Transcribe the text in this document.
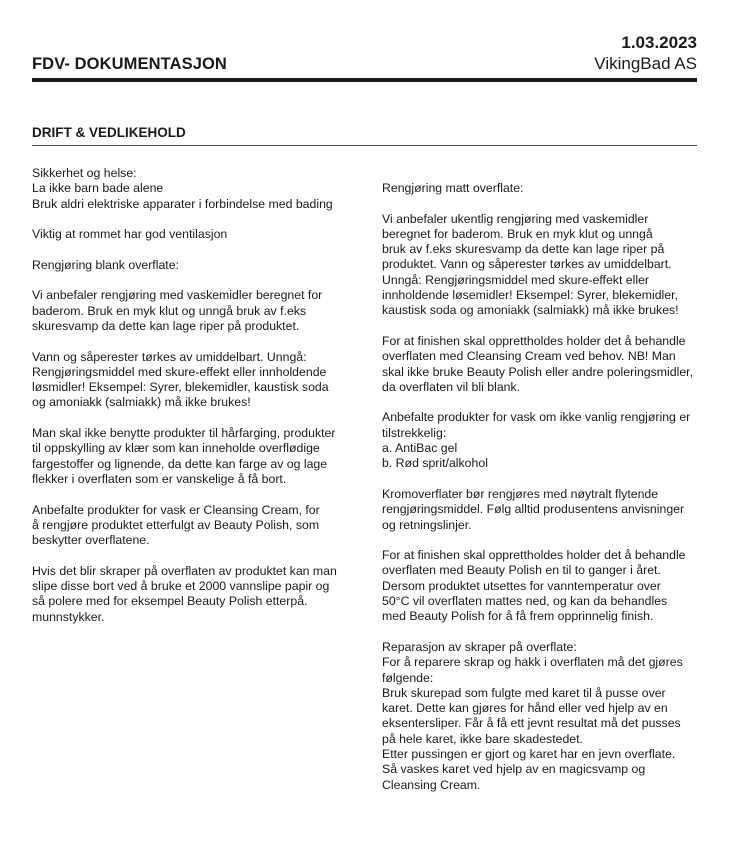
FDV- DOKUMENTASJON
1.03.2023
VikingBad AS
DRIFT & VEDLIKEHOLD

Sikkerhet og helse:
La ikke barn bade alene
Bruk aldri elektriske apparater i forbindelse med bading

Viktig at rommet har god ventilasjon

Rengjøring blank overflate:

Vi anbefaler rengjøring med vaskemidler beregnet for
baderom. Bruk en myk klut og unngå bruk av f.eks
skuresvamp da dette kan lage riper på produktet.

Vann og såperester tørkes av umiddelbart. Unngå:
Rengjøringsmiddel med skure-effekt eller innholdende
løsmidler! Eksempel: Syrer, blekemidler, kaustisk soda
og amoniakk (salmiakk) må ikke brukes!

Man skal ikke benytte produkter til hårfarging, produkter
til oppskylling av klær som kan inneholde overflødige
fargestoffer og lignende, da dette kan farge av og lage
flekker i overflaten som er vanskelige å få bort.

Anbefalte produkter for vask er Cleansing Cream, for
å rengjøre produktet etterfulgt av Beauty Polish, som
beskytter overflatene.

Hvis det blir skraper på overflaten av produktet kan man
slipe disse bort ved å bruke et 2000 vannslipe papir og
så polere med for eksempel Beauty Polish etterpå.
munnstykker.

Rengjøring matt overflate:

Vi anbefaler ukentlig rengjøring med vaskemidler
beregnet for baderom. Bruk en myk klut og unngå
bruk av f.eks skuresvamp da dette kan lage riper på
produktet. Vann og såperester tørkes av umiddelbart.
Unngå: Rengjøringsmiddel med skure-effekt eller
innholdende løsemidler! Eksempel: Syrer, blekemidler,
kaustisk soda og amoniakk (salmiakk) må ikke brukes!

For at finishen skal opprettholdes holder det å behandle
overflaten med Cleansing Cream ved behov. NB! Man
skal ikke bruke Beauty Polish eller andre poleringsmidler,
da overflaten vil bli blank.

Anbefalte produkter for vask om ikke vanlig rengjøring er
tilstrekkelig:
a. AntiBac gel
b. Rød sprit/alkohol

Kromoverflater bør rengjøres med nøytralt flytende
rengjøringsmiddel. Følg alltid produsentens anvisninger
og retningslinjer.

For at finishen skal opprettholdes holder det å behandle
overflaten med Beauty Polish en til to ganger i året.
Dersom produktet utsettes for vanntemperatur over
50°C vil overflaten mattes ned, og kan da behandles
med Beauty Polish for å få frem opprinnelig finish.

Reparasjon av skraper på overflate:
For å reparere skrap og hakk i overflaten må det gjøres
følgende:
Bruk skurepad som fulgte med karet til å pusse over
karet. Dette kan gjøres for hånd eller ved hjelp av en
eksentersliper. Får å få ett jevnt resultat må det pusses
på hele karet, ikke bare skadestedet.
Etter pussingen er gjort og karet har en jevn overflate.
Så vaskes karet ved hjelp av en magicsvamp og
Cleansing Cream.
